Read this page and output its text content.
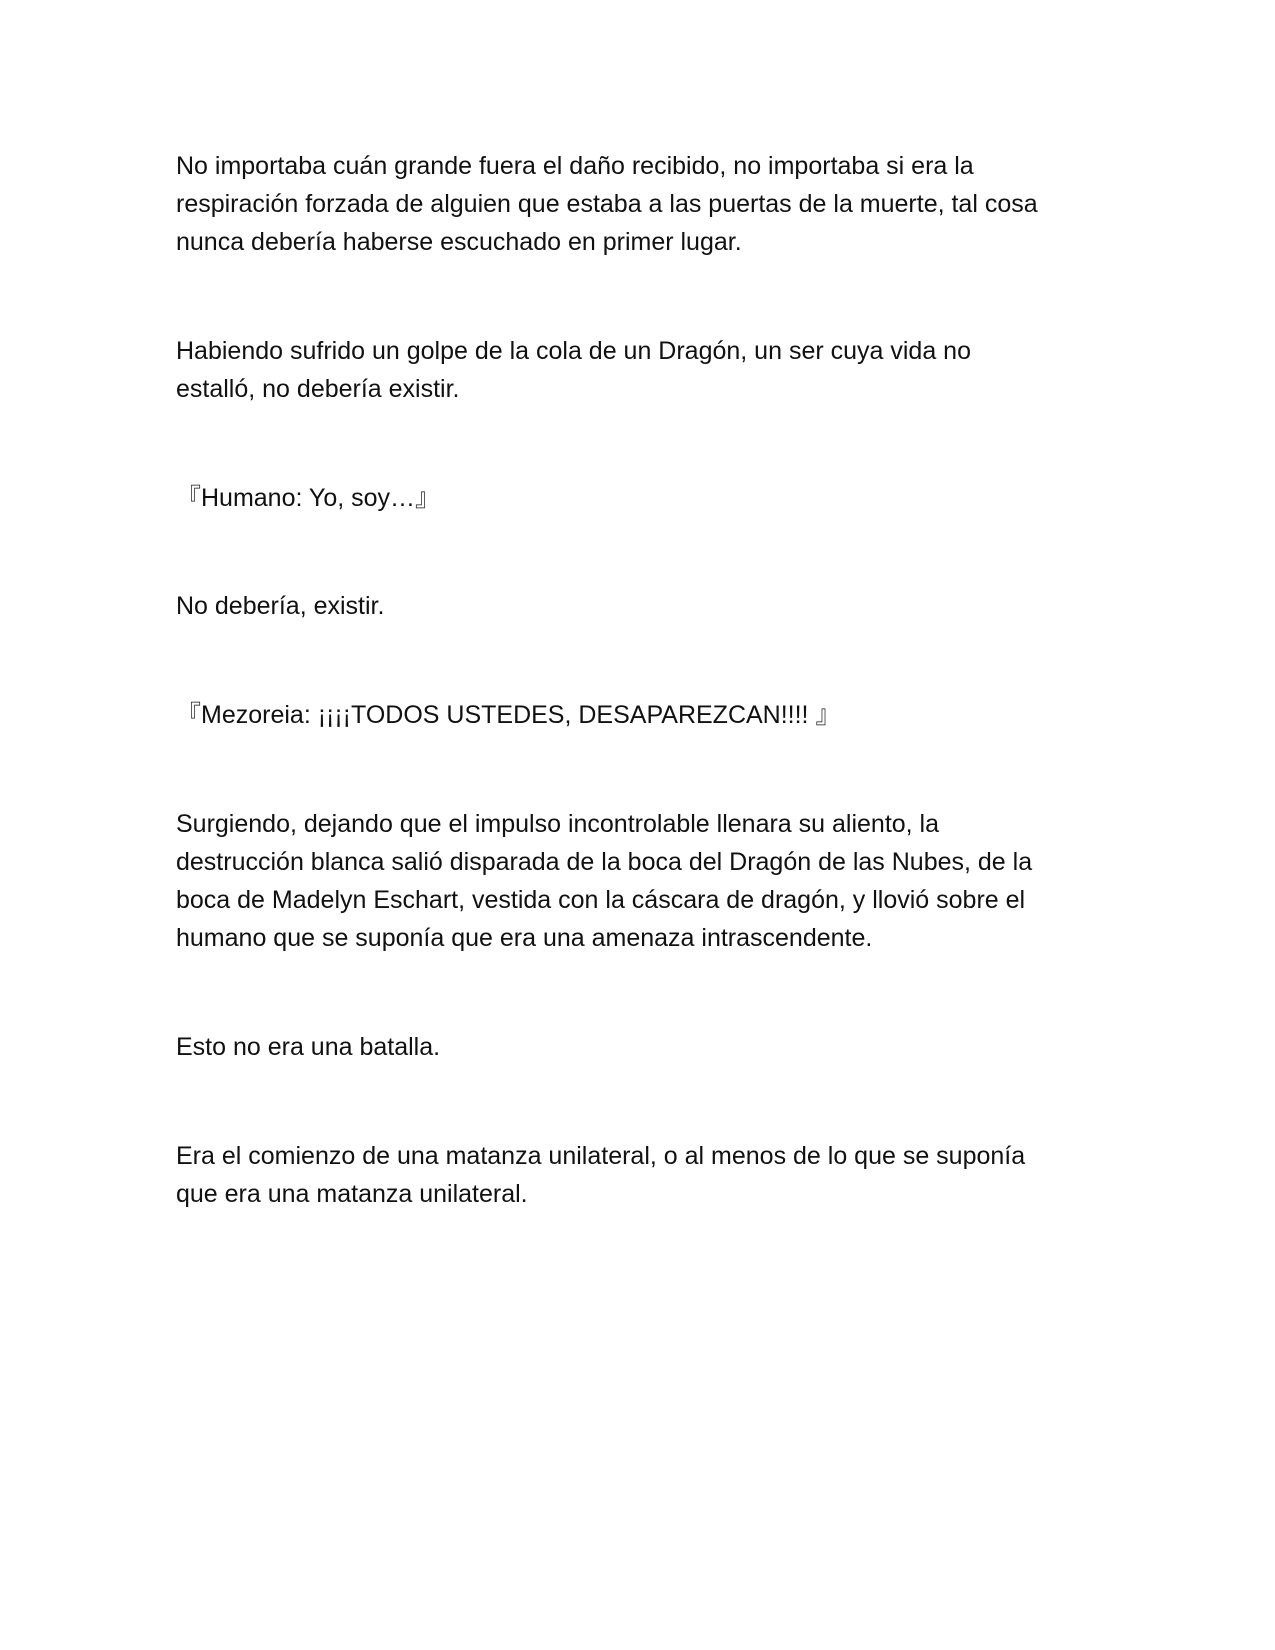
No importaba cuán grande fuera el daño recibido, no importaba si era la
respiración forzada de alguien que estaba a las puertas de la muerte, tal cosa
nunca debería haberse escuchado en primer lugar.

Habiendo sufrido un golpe de la cola de un Dragón, un ser cuya vida no
estalló, no debería existir.

『Humano: Yo, soy…』

No debería, existir.

『Mezoreia: ¡¡¡¡TODOS USTEDES, DESAPAREZCAN!!!! 』

Surgiendo, dejando que el impulso incontrolable llenara su aliento, la
destrucción blanca salió disparada de la boca del Dragón de las Nubes, de la
boca de Madelyn Eschart, vestida con la cáscara de dragón, y llovió sobre el
humano que se suponía que era una amenaza intrascendente.

Esto no era una batalla.

Era el comienzo de una matanza unilateral, o al menos de lo que se suponía
que era una matanza unilateral.
